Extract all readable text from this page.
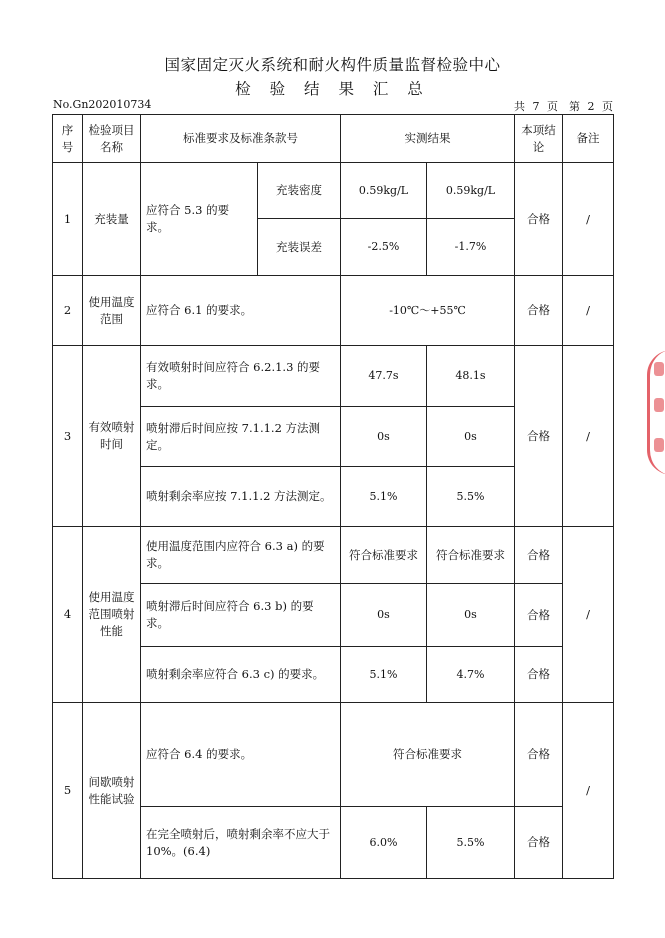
国家固定灭火系统和耐火构件质量监督检验中心
检 验 结 果 汇 总
No.Gn202010734	共 7 页　第 2 页
序号	检验项目名称	标准要求及标准条款号		实测结果		本项结论	备注
1	充装量	应符合 5.3 的要求。	充装密度	0.59kg/L	0.59kg/L	合格	/
			充装误差	-2.5%	-1.7%		
2	使用温度范围	应符合 6.1 的要求。		-10℃～+55℃		合格	/
3	有效喷射时间	有效喷射时间应符合 6.2.1.3 的要求。		47.7s	48.1s	合格	/
		喷射滞后时间应按 7.1.1.2 方法测定。		0s	0s		
		喷射剩余率应按 7.1.1.2 方法测定。		5.1%	5.5%		
4	使用温度范围喷射性能	使用温度范围内应符合 6.3 a) 的要求。		符合标准要求	符合标准要求	合格	/
		喷射滞后时间应符合 6.3 b) 的要求。		0s	0s	合格	
		喷射剩余率应符合 6.3 c) 的要求。		5.1%	4.7%	合格	
5	间歇喷射性能试验	应符合 6.4 的要求。		符合标准要求		合格	/
		在完全喷射后，喷射剩余率不应大于 10%。(6.4)		6.0%	5.5%	合格	
